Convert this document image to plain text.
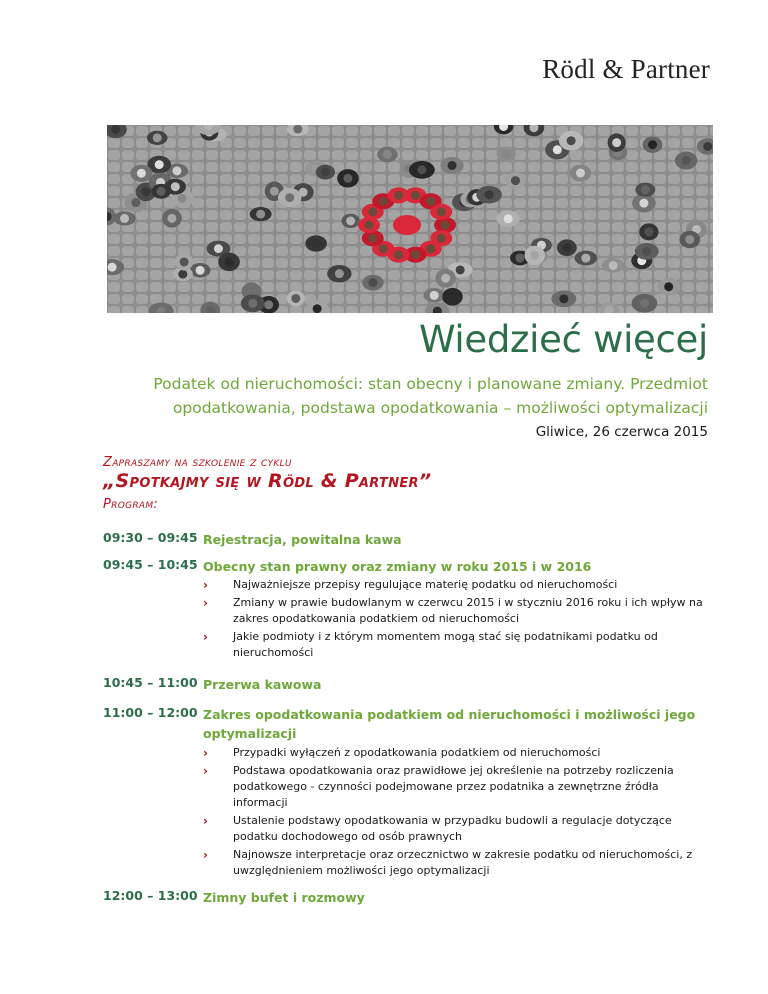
Rödl & Partner
Wiedzieć więcej
Podatek od nieruchomości: stan obecny i planowane zmiany. Przedmiot opodatkowania, podstawa opodatkowania – możliwości optymalizacji
Gliwice, 26 czerwca 2015
Zapraszamy na szkolenie z cyklu
„Spotkajmy się w Rödl & Partner”
Program:
09:30 – 09:45 Rejestracja, powitalna kawa
09:45 – 10:45 Obecny stan prawny oraz zmiany w roku 2015 i w 2016
› Najważniejsze przepisy regulujące materię podatku od nieruchomości
› Zmiany w prawie budowlanym w czerwcu 2015 i w styczniu 2016 roku i ich wpływ na zakres opodatkowania podatkiem od nieruchomości
› Jakie podmioty i z którym momentem mogą stać się podatnikami podatku od nieruchomości
10:45 – 11:00 Przerwa kawowa
11:00 – 12:00 Zakres opodatkowania podatkiem od nieruchomości i możliwości jego optymalizacji
› Przypadki wyłączeń z opodatkowania podatkiem od nieruchomości
› Podstawa opodatkowania oraz prawidłowe jej określenie na potrzeby rozliczenia podatkowego - czynności podejmowane przez podatnika a zewnętrzne źródła informacji
› Ustalenie podstawy opodatkowania w przypadku budowli a regulacje dotyczące podatku dochodowego od osób prawnych
› Najnowsze interpretacje oraz orzecznictwo w zakresie podatku od nieruchomości, z uwzględnieniem możliwości jego optymalizacji
12:00 – 13:00 Zimny bufet i rozmowy
